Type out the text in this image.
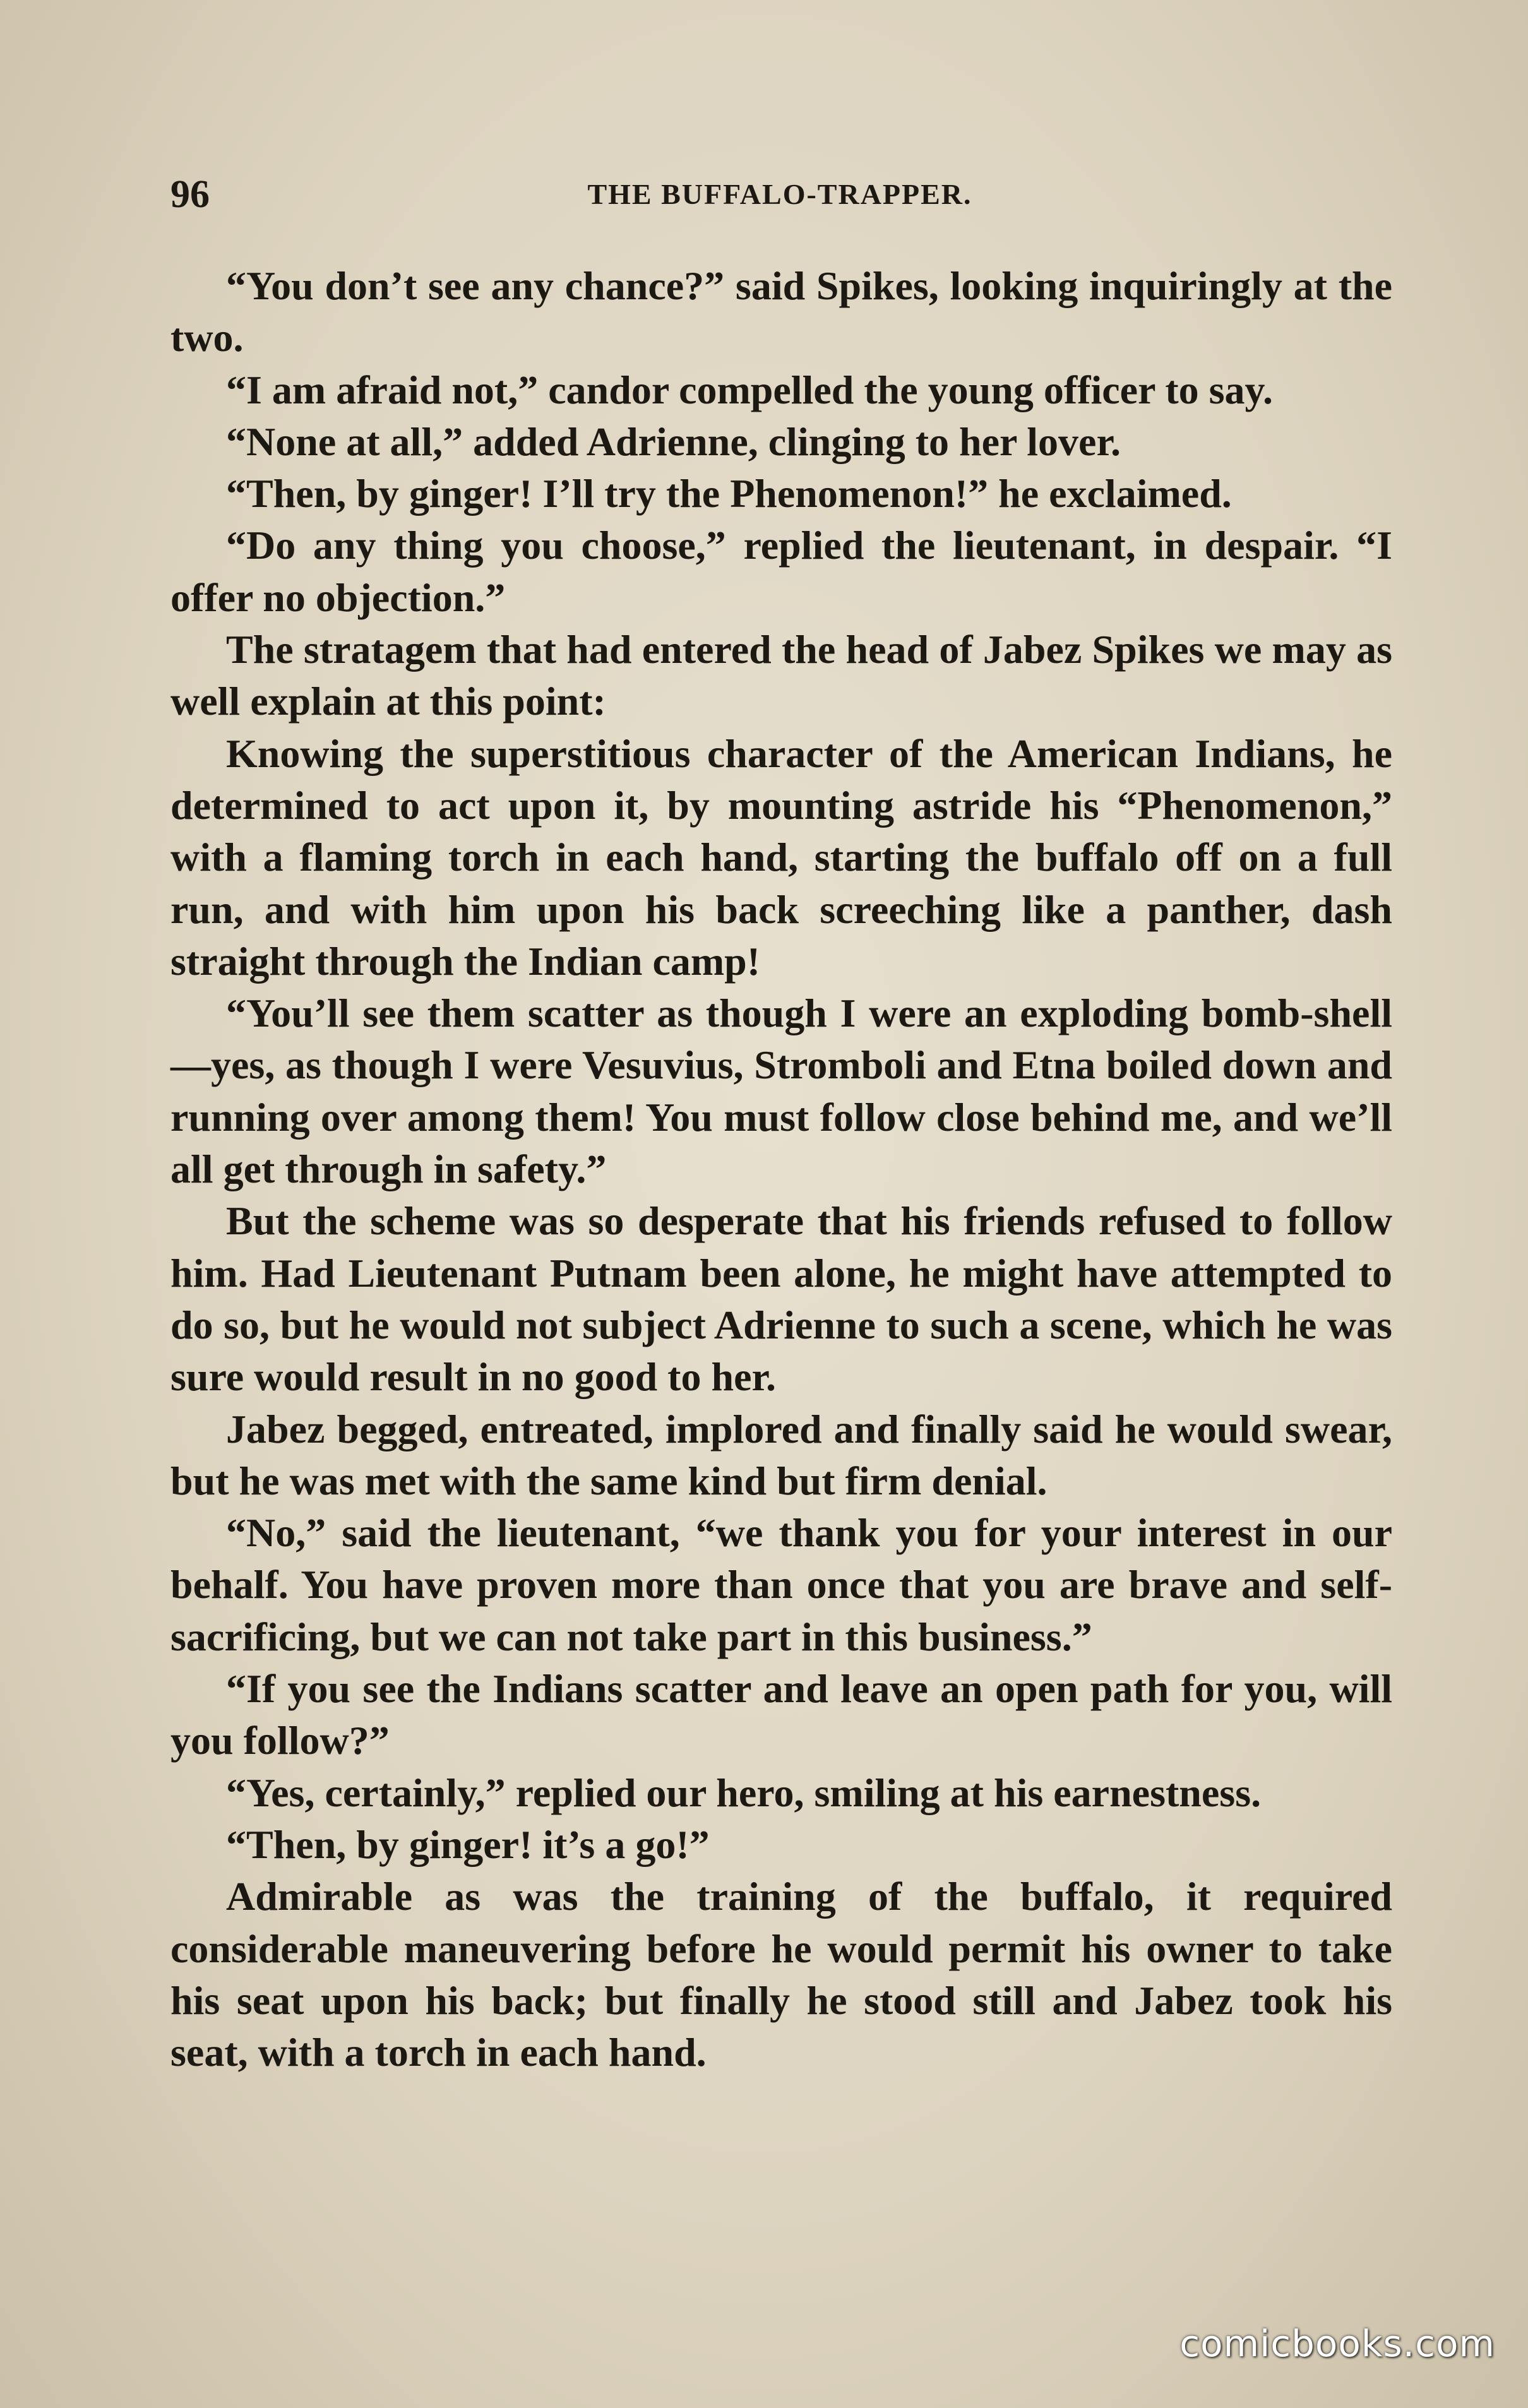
96	THE BUFFALO-TRAPPER.

“You don’t see any chance?” said Spikes, looking inquiringly at the two.

“I am afraid not,” candor compelled the young officer to say.

“None at all,” added Adrienne, clinging to her lover.

“Then, by ginger! I’ll try the Phenomenon!” he exclaimed.

“Do any thing you choose,” replied the lieutenant, in despair. “I offer no objection.”

The stratagem that had entered the head of Jabez Spikes we may as well explain at this point:

Knowing the superstitious character of the American Indians, he determined to act upon it, by mounting astride his “Phenomenon,” with a flaming torch in each hand, starting the buffalo off on a full run, and with him upon his back screeching like a panther, dash straight through the Indian camp!

“You’ll see them scatter as though I were an exploding bomb-shell—yes, as though I were Vesuvius, Stromboli and Etna boiled down and running over among them! You must follow close behind me, and we’ll all get through in safety.”

But the scheme was so desperate that his friends refused to follow him. Had Lieutenant Putnam been alone, he might have attempted to do so, but he would not subject Adrienne to such a scene, which he was sure would result in no good to her.

Jabez begged, entreated, implored and finally said he would swear, but he was met with the same kind but firm denial.

“No,” said the lieutenant, “we thank you for your interest in our behalf. You have proven more than once that you are brave and self-sacrificing, but we can not take part in this business.”

“If you see the Indians scatter and leave an open path for you, will you follow?”

“Yes, certainly,” replied our hero, smiling at his earnestness.

“Then, by ginger! it’s a go!”

Admirable as was the training of the buffalo, it required considerable maneuvering before he would permit his owner to take his seat upon his back; but finally he stood still and Jabez took his seat, with a torch in each hand.

comicbooks.com
